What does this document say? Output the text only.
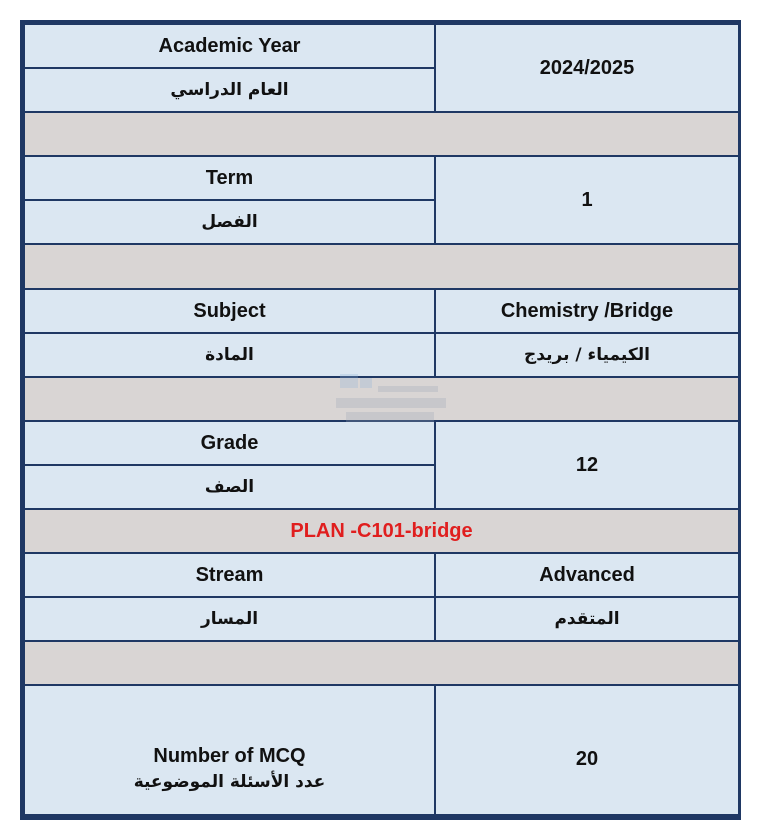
Academic Year	2024/2025
العام الدراسي	

Term	1
الفصل	

Subject	Chemistry /Bridge
المادة	الكيمياء / بريدج

Grade	12
الصف	
PLAN -C101-bridge	
Stream	Advanced
المسار	المتقدم

Number of MCQ
عدد الأسئلة الموضوعية	20
